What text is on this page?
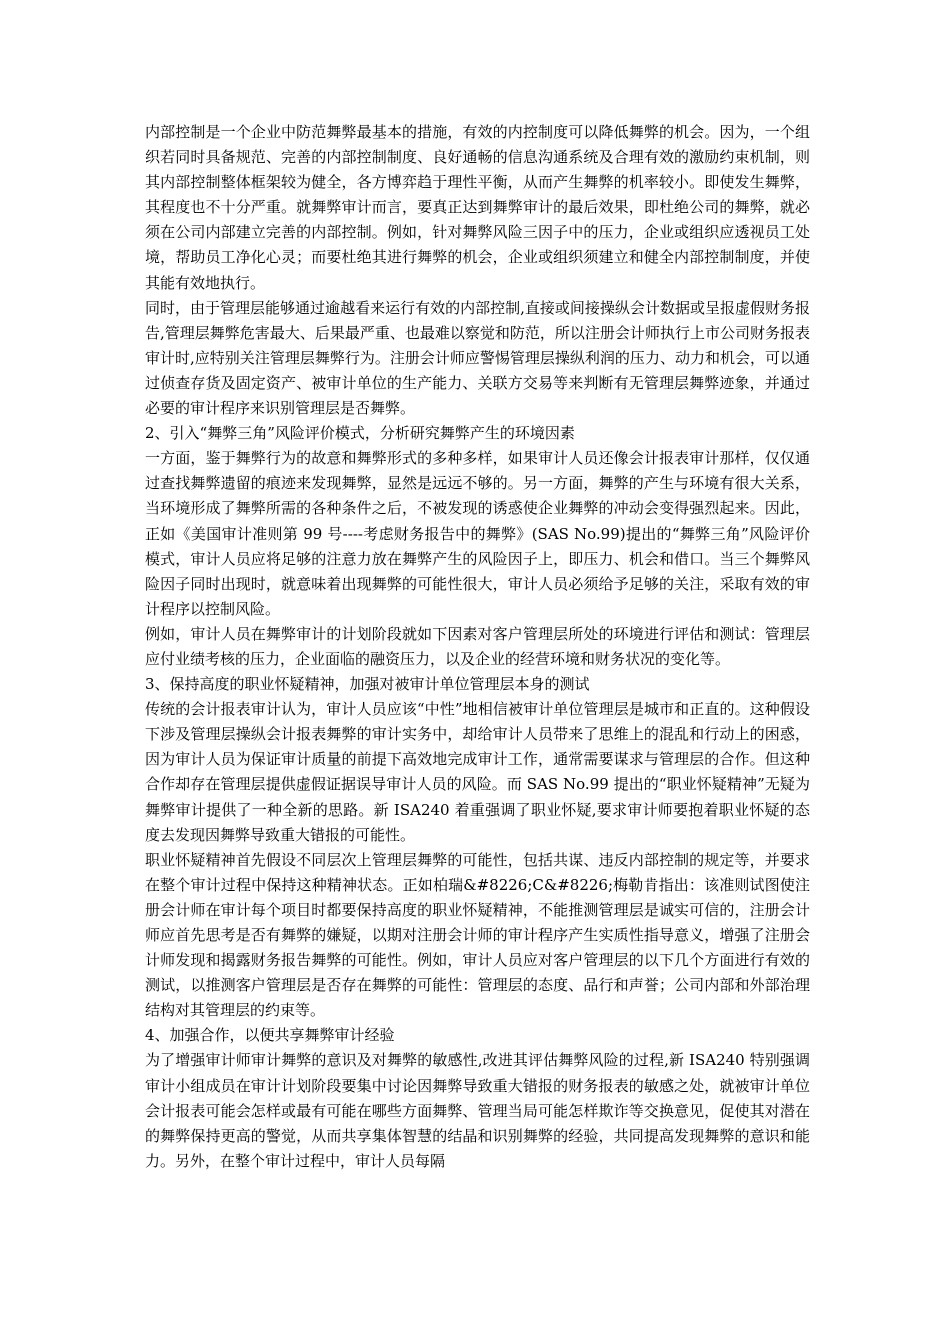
内部控制是一个企业中防范舞弊最基本的措施，有效的内控制度可以降低舞弊的机会。因为，一个组织若同时具备规范、完善的内部控制制度、良好通畅的信息沟通系统及合理有效的激励约束机制，则其内部控制整体框架较为健全，各方博弈趋于理性平衡，从而产生舞弊的机率较小。即使发生舞弊，其程度也不十分严重。就舞弊审计而言，要真正达到舞弊审计的最后效果，即杜绝公司的舞弊，就必须在公司内部建立完善的内部控制。例如，针对舞弊风险三因子中的压力，企业或组织应透视员工处境，帮助员工净化心灵；而要杜绝其进行舞弊的机会，企业或组织须建立和健全内部控制制度，并使其能有效地执行。

同时，由于管理层能够通过逾越看来运行有效的内部控制,直接或间接操纵会计数据或呈报虚假财务报告,管理层舞弊危害最大、后果最严重、也最难以察觉和防范，所以注册会计师执行上市公司财务报表审计时,应特别关注管理层舞弊行为。注册会计师应警惕管理层操纵利润的压力、动力和机会，可以通过侦查存货及固定资产、被审计单位的生产能力、关联方交易等来判断有无管理层舞弊迹象，并通过必要的审计程序来识别管理层是否舞弊。

2、引入“舞弊三角”风险评价模式，分析研究舞弊产生的环境因素

一方面，鉴于舞弊行为的故意和舞弊形式的多种多样，如果审计人员还像会计报表审计那样，仅仅通过查找舞弊遗留的痕迹来发现舞弊，显然是远远不够的。另一方面，舞弊的产生与环境有很大关系，当环境形成了舞弊所需的各种条件之后，不被发现的诱惑使企业舞弊的冲动会变得强烈起来。因此，正如《美国审计准则第 99 号----考虑财务报告中的舞弊》(SAS No.99)提出的“舞弊三角”风险评价模式，审计人员应将足够的注意力放在舞弊产生的风险因子上，即压力、机会和借口。当三个舞弊风险因子同时出现时，就意味着出现舞弊的可能性很大，审计人员必须给予足够的关注，采取有效的审计程序以控制风险。

例如，审计人员在舞弊审计的计划阶段就如下因素对客户管理层所处的环境进行评估和测试：管理层应付业绩考核的压力，企业面临的融资压力，以及企业的经营环境和财务状况的变化等。

3、保持高度的职业怀疑精神，加强对被审计单位管理层本身的测试

传统的会计报表审计认为，审计人员应该“中性”地相信被审计单位管理层是城市和正直的。这种假设下涉及管理层操纵会计报表舞弊的审计实务中，却给审计人员带来了思维上的混乱和行动上的困惑，因为审计人员为保证审计质量的前提下高效地完成审计工作，通常需要谋求与管理层的合作。但这种合作却存在管理层提供虚假证据误导审计人员的风险。而 SAS No.99 提出的“职业怀疑精神”无疑为舞弊审计提供了一种全新的思路。新 ISA240 着重强调了职业怀疑,要求审计师要抱着职业怀疑的态度去发现因舞弊导致重大错报的可能性。

职业怀疑精神首先假设不同层次上管理层舞弊的可能性，包括共谋、违反内部控制的规定等，并要求在整个审计过程中保持这种精神状态。正如柏瑞&#8226;C&#8226;梅勒肯指出：该准则试图使注册会计师在审计每个项目时都要保持高度的职业怀疑精神，不能推测管理层是诚实可信的，注册会计师应首先思考是否有舞弊的嫌疑，以期对注册会计师的审计程序产生实质性指导意义，增强了注册会计师发现和揭露财务报告舞弊的可能性。例如，审计人员应对客户管理层的以下几个方面进行有效的测试，以推测客户管理层是否存在舞弊的可能性：管理层的态度、品行和声誉；公司内部和外部治理结构对其管理层的约束等。

4、加强合作，以便共享舞弊审计经验

为了增强审计师审计舞弊的意识及对舞弊的敏感性,改进其评估舞弊风险的过程,新 ISA240 特别强调审计小组成员在审计计划阶段要集中讨论因舞弊导致重大错报的财务报表的敏感之处，就被审计单位会计报表可能会怎样或最有可能在哪些方面舞弊、管理当局可能怎样欺诈等交换意见，促使其对潜在的舞弊保持更高的警觉，从而共享集体智慧的结晶和识别舞弊的经验，共同提高发现舞弊的意识和能力。另外，在整个审计过程中，审计人员每隔
